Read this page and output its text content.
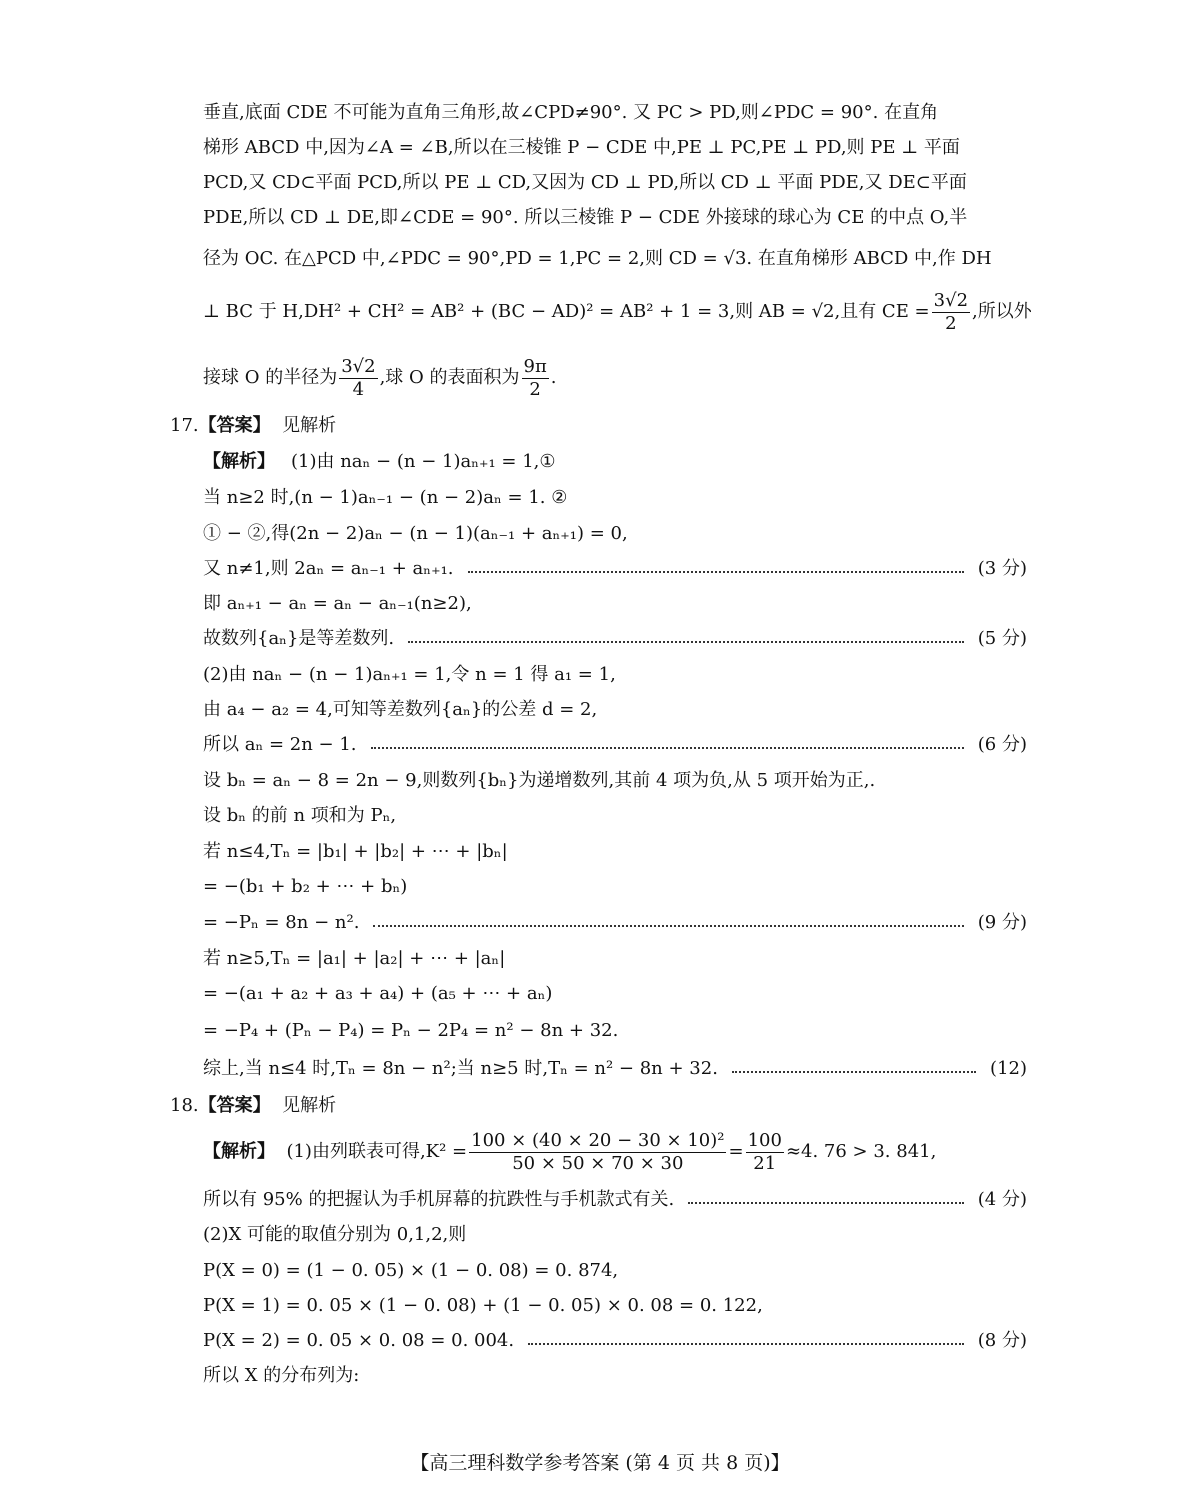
垂直,底面 CDE 不可能为直角三角形,故∠CPD≠90°. 又 PC > PD,则∠PDC = 90°. 在直角
梯形 ABCD 中,因为∠A = ∠B,所以在三棱锥 P − CDE 中,PE ⊥ PC,PE ⊥ PD,则 PE ⊥ 平面
PCD,又 CD⊂平面 PCD,所以 PE ⊥ CD,又因为 CD ⊥ PD,所以 CD ⊥ 平面 PDE,又 DE⊂平面
PDE,所以 CD ⊥ DE,即∠CDE = 90°. 所以三棱锥 P − CDE 外接球的球心为 CE 的中点 O,半
径为 OC. 在△PCD 中,∠PDC = 90°,PD = 1,PC = 2,则 CD = √3. 在直角梯形 ABCD 中,作 DH
⊥ BC 于 H,DH² + CH² = AB² + (BC − AD)² = AB² + 1 = 3,则 AB = √2,且有 CE = $\frac{3√2}{2}$ ,所以外
接球 O 的半径为 $\frac{3√2}{4}$ ,球 O 的表面积为 $\frac{9\pi}{2}$ .
17.【答案】 见解析
【解析】 (1)由 naₙ − (n − 1)aₙ₊₁ = 1,①
当 n≥2 时,(n − 1)aₙ₋₁ − (n − 2)aₙ = 1. ②
① − ②,得(2n − 2)aₙ − (n − 1)(aₙ₋₁ + aₙ₊₁) = 0,
又 n≠1,则 2aₙ = aₙ₋₁ + aₙ₊₁.	(3 分)
即 aₙ₊₁ − aₙ = aₙ − aₙ₋₁(n≥2),
故数列{aₙ}是等差数列.	(5 分)
(2)由 naₙ − (n − 1)aₙ₊₁ = 1,令 n = 1 得 a₁ = 1,
由 a₄ − a₂ = 4,可知等差数列{aₙ}的公差 d = 2,
所以 aₙ = 2n − 1.	(6 分)
设 bₙ = aₙ − 8 = 2n − 9,则数列{bₙ}为递增数列,其前 4 项为负,从 5 项开始为正,.
设 bₙ 的前 n 项和为 Pₙ,
若 n≤4,Tₙ = |b₁| + |b₂| + ⋯ + |bₙ|
= −(b₁ + b₂ + ⋯ + bₙ)
= −Pₙ = 8n − n².	(9 分)
若 n≥5,Tₙ = |a₁| + |a₂| + ⋯ + |aₙ|
= −(a₁ + a₂ + a₃ + a₄) + (a₅ + ⋯ + aₙ)
= −P₄ + (Pₙ − P₄) = Pₙ − 2P₄ = n² − 8n + 32.
综上,当 n≤4 时,Tₙ = 8n − n²;当 n≥5 时,Tₙ = n² − 8n + 32.	(12)
18.【答案】 见解析
【解析】 (1)由列联表可得$,K^2 = \frac{\text{100 × (40 × 20 − 30 × 10)²}}{50 \times 50 \times 70 \times 30} = \frac{100}{21} \approx 4$. 76 > 3. 841,
所以有 95% 的把握认为手机屏幕的抗跌性与手机款式有关.	(4 分)
(2)X 可能的取值分别为 0,1,2,则
P(X = 0) = (1 − 0. 05) × (1 − 0. 08) = 0. 874,
P(X = 1) = 0. 05 × (1 − 0. 08) + (1 − 0. 05) × 0. 08 = 0. 122,
P(X = 2) = 0. 05 × 0. 08 = 0. 004.	(8 分)
所以 X 的分布列为:
【高三理科数学参考答案 (第 4 页 共 8 页)】
